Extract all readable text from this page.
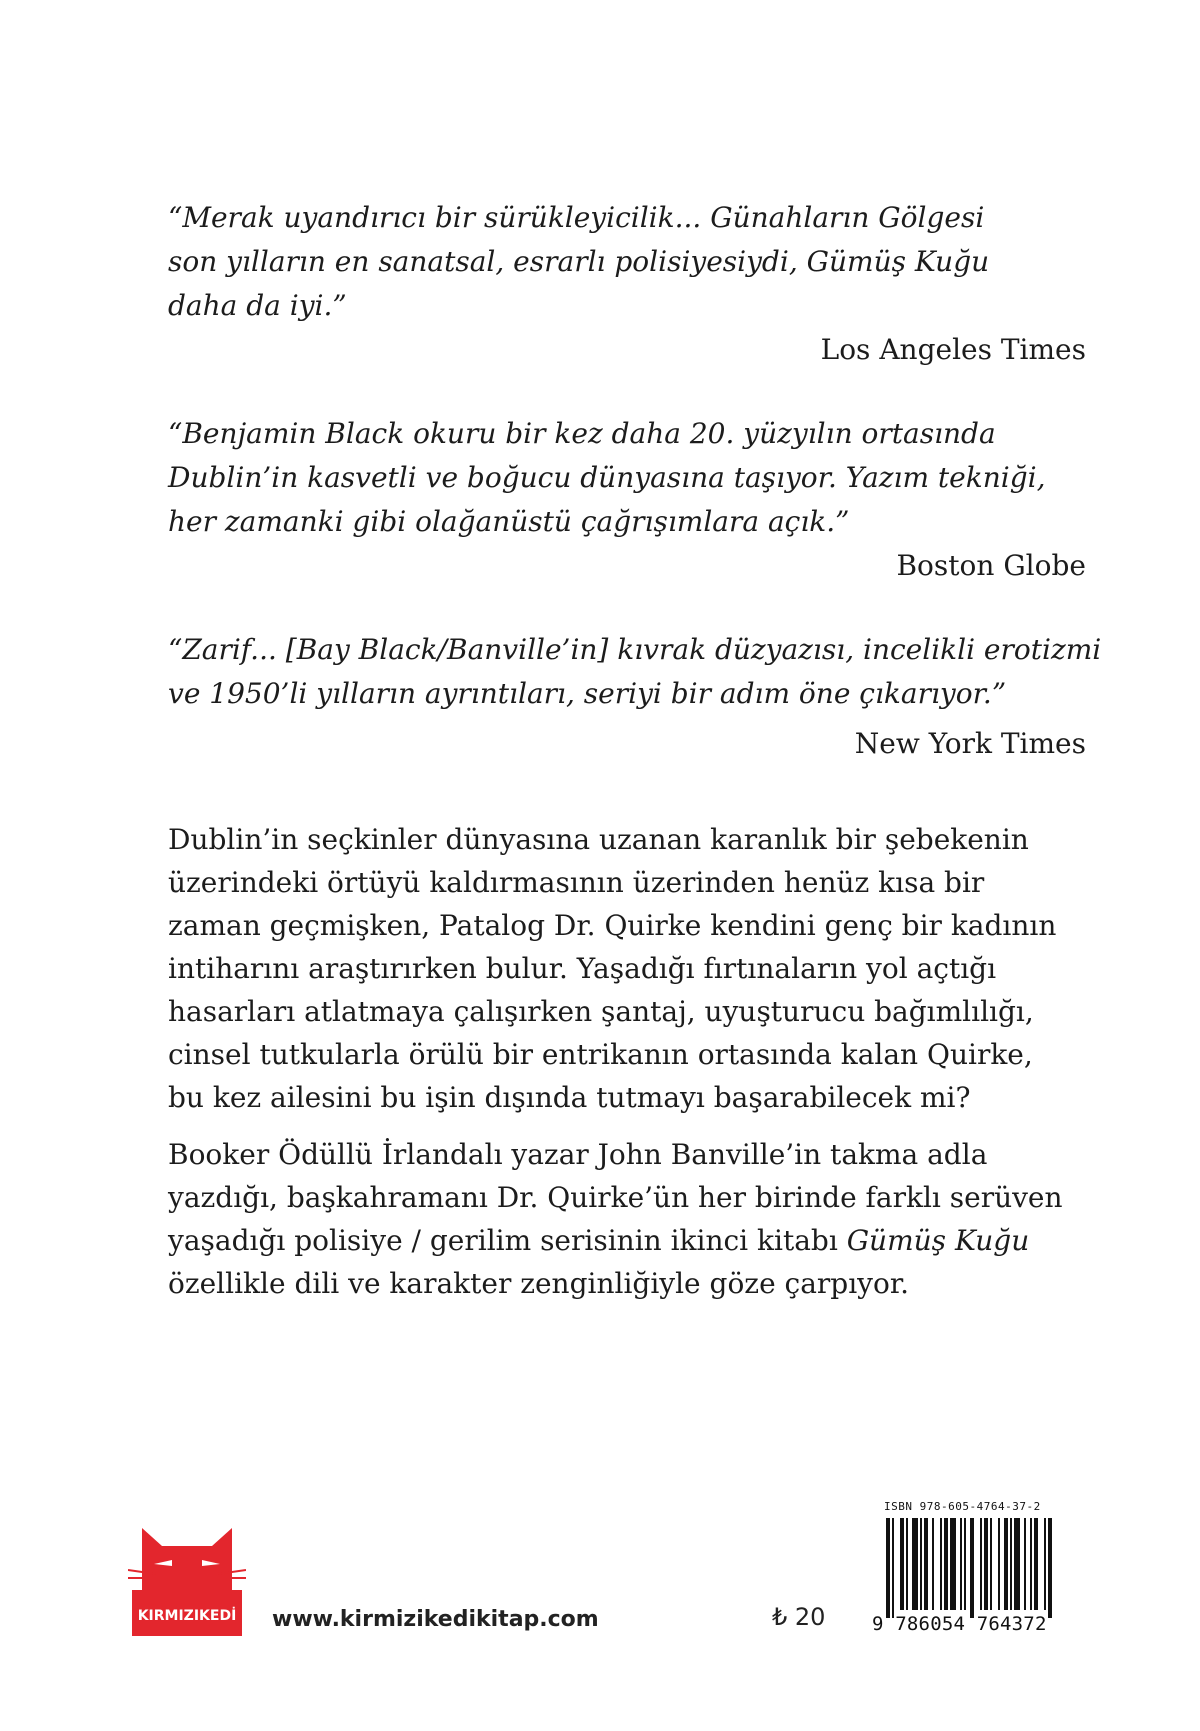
“Merak uyandırıcı bir sürükleyicilik... Günahların Gölgesi
son yılların en sanatsal, esrarlı polisiyesiydi, Gümüş Kuğu
daha da iyi.”

Los Angeles Times

“Benjamin Black okuru bir kez daha 20. yüzyılın ortasında
Dublin’in kasvetli ve boğucu dünyasına taşıyor. Yazım tekniği,
her zamanki gibi olağanüstü çağrışımlara açık.”

Boston Globe

“Zarif... [Bay Black/Banville’in] kıvrak düzyazısı, incelikli erotizmi
ve 1950’li yılların ayrıntıları, seriyi bir adım öne çıkarıyor.”

New York Times

Dublin’in seçkinler dünyasına uzanan karanlık bir şebekenin
üzerindeki örtüyü kaldırmasının üzerinden henüz kısa bir
zaman geçmişken, Patalog Dr. Quirke kendini genç bir kadının
intiharını araştırırken bulur. Yaşadığı fırtınaların yol açtığı
hasarları atlatmaya çalışırken şantaj, uyuşturucu bağımlılığı,
cinsel tutkularla örülü bir entrikanın ortasında kalan Quirke,
bu kez ailesini bu işin dışında tutmayı başarabilecek mi?

Booker Ödüllü İrlandalı yazar John Banville’in takma adla
yazdığı, başkahramanı Dr. Quirke’ün her birinde farklı serüven
yaşadığı polisiye / gerilim serisinin ikinci kitabı Gümüş Kuğu
özellikle dili ve karakter zenginliğiyle göze çarpıyor.

KIRMIZIKEDİ www.kirmizikedikitap.com	₺ 20
ISBN 978-605-4764-37-2
9 786054 764372
